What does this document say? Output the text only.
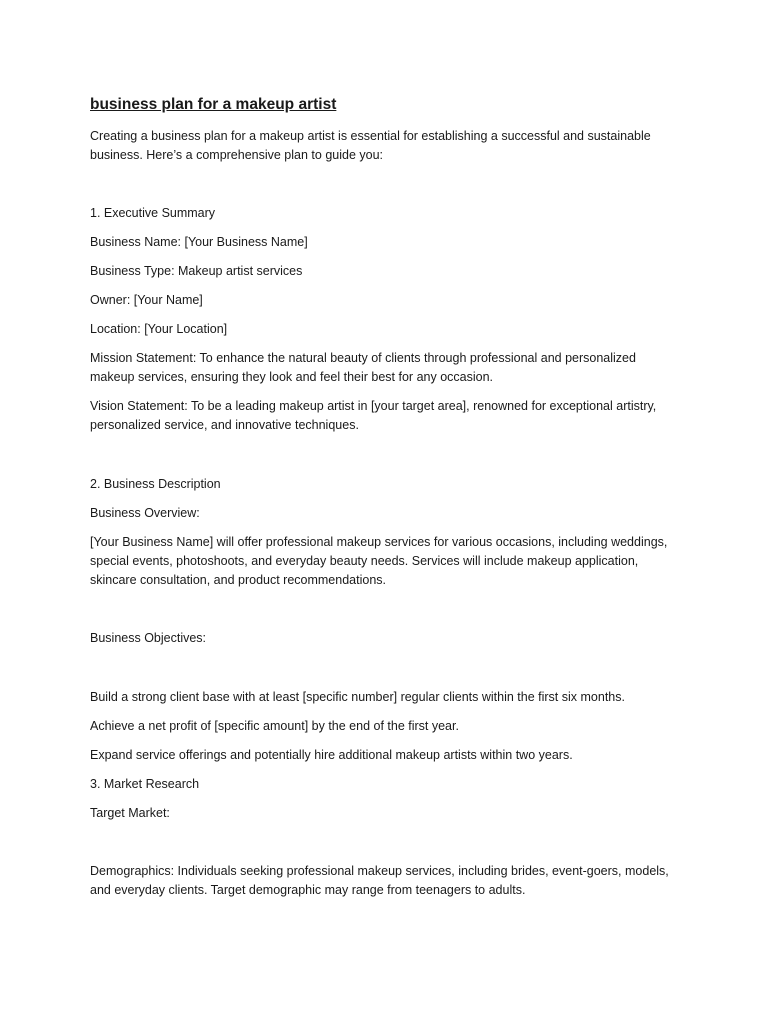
business plan for a makeup artist

Creating a business plan for a makeup artist is essential for establishing a successful and sustainable business. Here’s a comprehensive plan to guide you:

1. Executive Summary

Business Name: [Your Business Name]

Business Type: Makeup artist services

Owner: [Your Name]

Location: [Your Location]

Mission Statement: To enhance the natural beauty of clients through professional and personalized makeup services, ensuring they look and feel their best for any occasion.

Vision Statement: To be a leading makeup artist in [your target area], renowned for exceptional artistry, personalized service, and innovative techniques.

2. Business Description

Business Overview:

[Your Business Name] will offer professional makeup services for various occasions, including weddings, special events, photoshoots, and everyday beauty needs. Services will include makeup application, skincare consultation, and product recommendations.

Business Objectives:

Build a strong client base with at least [specific number] regular clients within the first six months.

Achieve a net profit of [specific amount] by the end of the first year.

Expand service offerings and potentially hire additional makeup artists within two years.

3. Market Research

Target Market:

Demographics: Individuals seeking professional makeup services, including brides, event-goers, models, and everyday clients. Target demographic may range from teenagers to adults.
